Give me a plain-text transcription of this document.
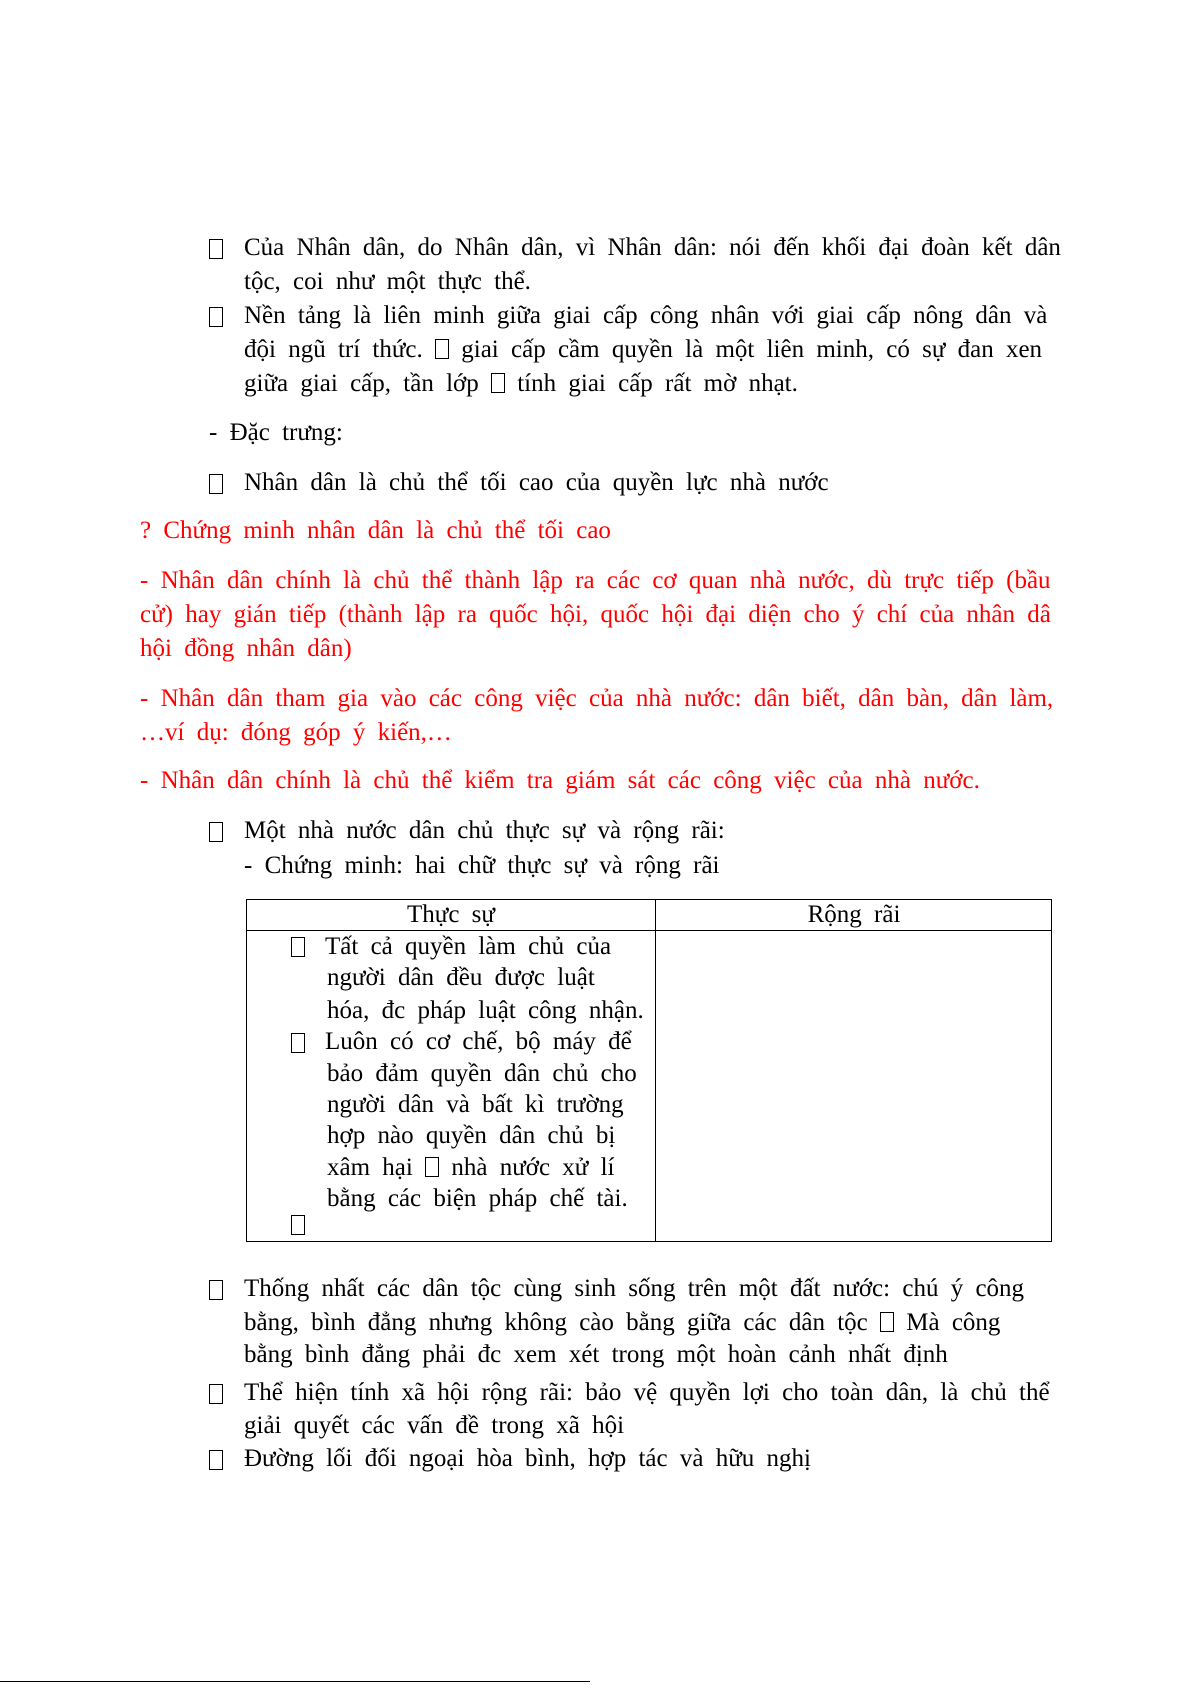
Của Nhân dân, do Nhân dân, vì Nhân dân: nói đến khối đại đoàn kết dân
tộc, coi như một thực thể.
Nền tảng là liên minh giữa giai cấp công nhân với giai cấp nông dân và
đội ngũ trí thức. giai cấp cầm quyền là một liên minh, có sự đan xen
giữa giai cấp, tần lớp tính giai cấp rất mờ nhạt.
- Đặc trưng:
Nhân dân là chủ thể tối cao của quyền lực nhà nước
? Chứng minh nhân dân là chủ thể tối cao
- Nhân dân chính là chủ thể thành lập ra các cơ quan nhà nước, dù trực tiếp (bầu
cử) hay gián tiếp (thành lập ra quốc hội, quốc hội đại diện cho ý chí của nhân dâ
hội đồng nhân dân)
- Nhân dân tham gia vào các công việc của nhà nước: dân biết, dân bàn, dân làm,
…ví dụ: đóng góp ý kiến,…
- Nhân dân chính là chủ thể kiểm tra giám sát các công việc của nhà nước.
Một nhà nước dân chủ thực sự và rộng rãi:
- Chứng minh: hai chữ thực sự và rộng rãi
Thực sự	Rộng rãi
Tất cả quyền làm chủ của
người dân đều được luật
hóa, đc pháp luật công nhận.
Luôn có cơ chế, bộ máy để
bảo đảm quyền dân chủ cho
người dân và bất kì trường
hợp nào quyền dân chủ bị
xâm hại nhà nước xử lí
bằng các biện pháp chế tài.
Thống nhất các dân tộc cùng sinh sống trên một đất nước: chú ý công
bằng, bình đẳng nhưng không cào bằng giữa các dân tộc Mà công
bằng bình đẳng phải đc xem xét trong một hoàn cảnh nhất định
Thể hiện tính xã hội rộng rãi: bảo vệ quyền lợi cho toàn dân, là chủ thể
giải quyết các vấn đề trong xã hội
Đường lối đối ngoại hòa bình, hợp tác và hữu nghị
